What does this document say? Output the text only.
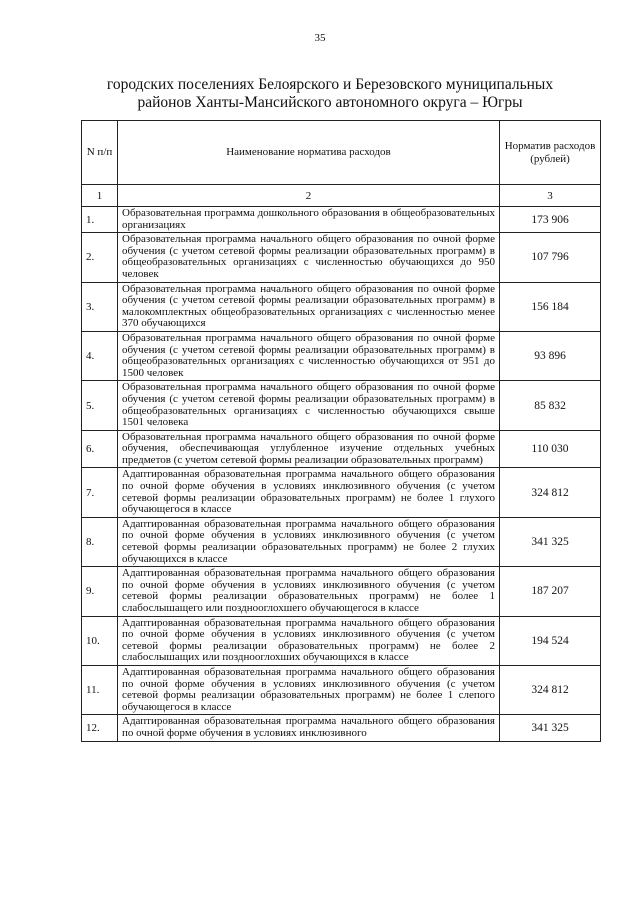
35
городских поселениях Белоярского и Березовского муниципальных
районов Ханты-Мансийского автономного округа – Югры
N п/п	Наименование норматива расходов	Норматив расходов (рублей)
1	2	3
1.	Образовательная программа дошкольного образования в общеобразовательных организациях	173 906
2.	Образовательная программа начального общего образования по очной форме обучения (с учетом сетевой формы реализации образовательных программ) в общеобразовательных организациях с численностью обучающихся до 950 человек	107 796
3.	Образовательная программа начального общего образования по очной форме обучения (с учетом сетевой формы реализации образовательных программ) в малокомплектных общеобразовательных организациях с численностью менее 370 обучающихся	156 184
4.	Образовательная программа начального общего образования по очной форме обучения (с учетом сетевой формы реализации образовательных программ) в общеобразовательных организациях с численностью обучающихся от 951 до 1500 человек	93 896
5.	Образовательная программа начального общего образования по очной форме обучения (с учетом сетевой формы реализации образовательных программ) в общеобразовательных организациях с численностью обучающихся свыше 1501 человека	85 832
6.	Образовательная программа начального общего образования по очной форме обучения, обеспечивающая углубленное изучение отдельных учебных предметов (с учетом сетевой формы реализации образовательных программ)	110 030
7.	Адаптированная образовательная программа начального общего образования по очной форме обучения в условиях инклюзивного обучения (с учетом сетевой формы реализации образовательных программ) не более 1 глухого обучающегося в классе	324 812
8.	Адаптированная образовательная программа начального общего образования по очной форме обучения в условиях инклюзивного обучения (с учетом сетевой формы реализации образовательных программ) не более 2 глухих обучающихся в классе	341 325
9.	Адаптированная образовательная программа начального общего образования по очной форме обучения в условиях инклюзивного обучения (с учетом сетевой формы реализации образовательных программ) не более 1 слабослышащего или позднооглохшего обучающегося в классе	187 207
10.	Адаптированная образовательная программа начального общего образования по очной форме обучения в условиях инклюзивного обучения (с учетом сетевой формы реализации образовательных программ) не более 2 слабослышащих или позднооглохших обучающихся в классе	194 524
11.	Адаптированная образовательная программа начального общего образования по очной форме обучения в условиях инклюзивного обучения (с учетом сетевой формы реализации образовательных программ) не более 1 слепого обучающегося в классе	324 812
12.	Адаптированная образовательная программа начального общего образования по очной форме обучения в условиях инклюзивного	341 325
